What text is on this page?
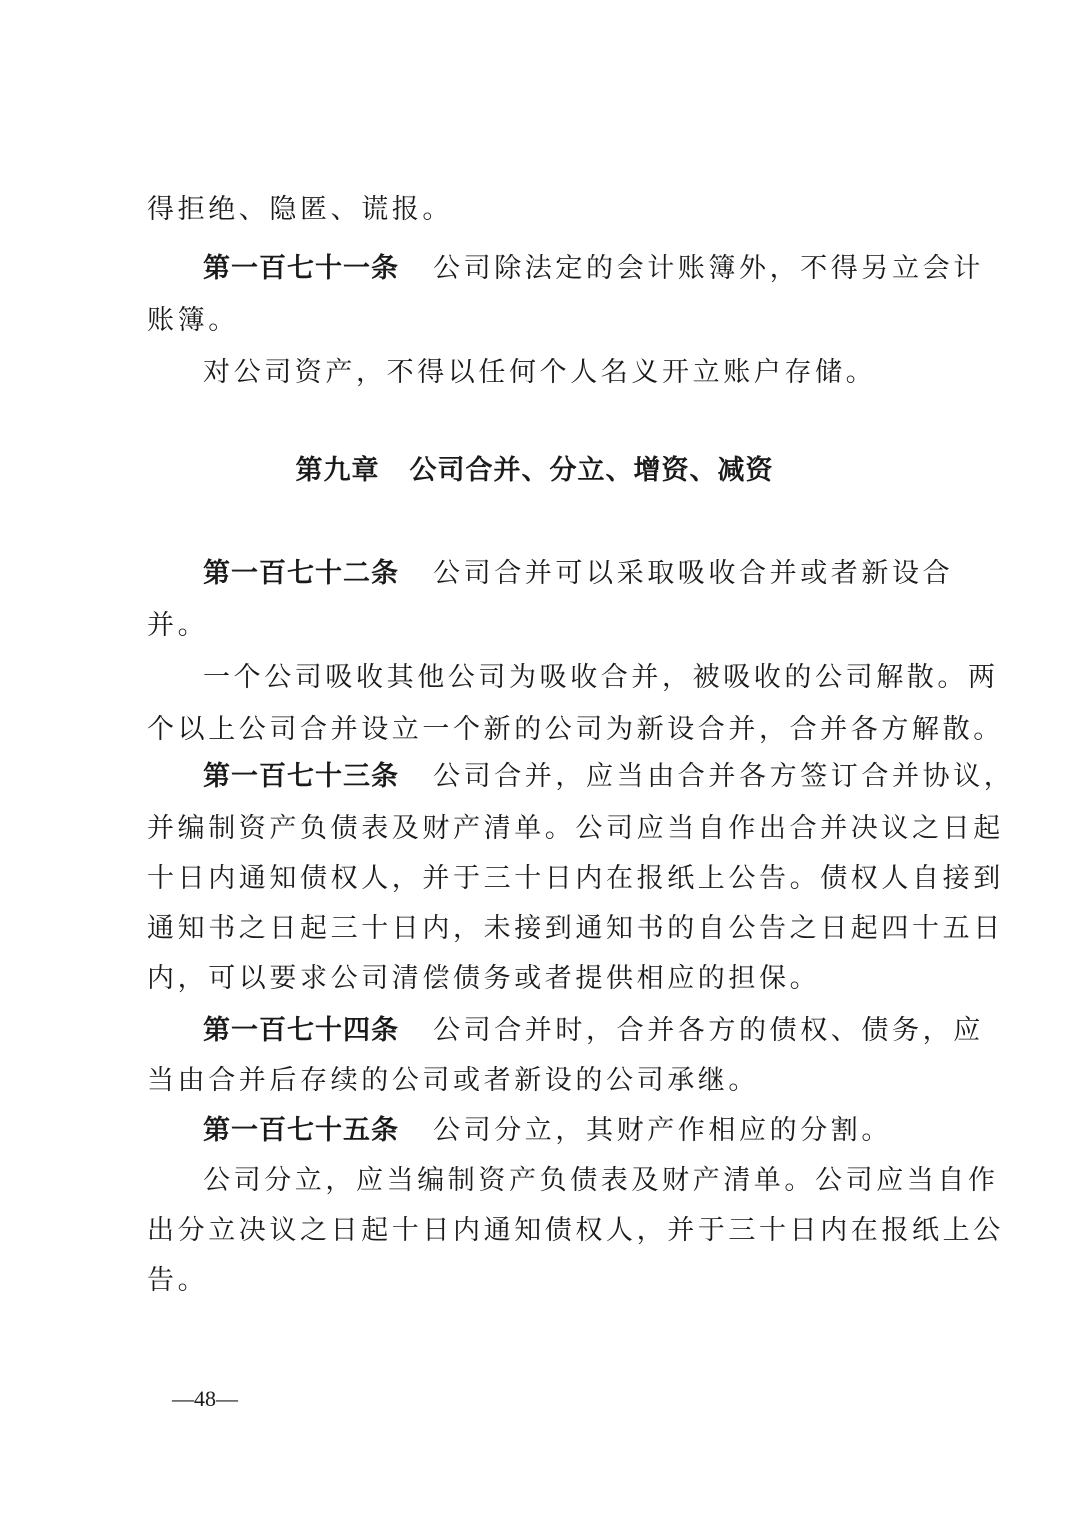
得拒绝、隐匿、谎报。
第一百七十一条 公司除法定的会计账簿外，不得另立会计
账簿。
对公司资产，不得以任何个人名义开立账户存储。
第九章 公司合并、分立、增资、减资
第一百七十二条 公司合并可以采取吸收合并或者新设合
并。
一个公司吸收其他公司为吸收合并，被吸收的公司解散。两
个以上公司合并设立一个新的公司为新设合并，合并各方解散。
第一百七十三条 公司合并，应当由合并各方签订合并协议，
并编制资产负债表及财产清单。公司应当自作出合并决议之日起
十日内通知债权人，并于三十日内在报纸上公告。债权人自接到
通知书之日起三十日内，未接到通知书的自公告之日起四十五日
内，可以要求公司清偿债务或者提供相应的担保。
第一百七十四条 公司合并时，合并各方的债权、债务，应
当由合并后存续的公司或者新设的公司承继。
第一百七十五条 公司分立，其财产作相应的分割。
公司分立，应当编制资产负债表及财产清单。公司应当自作
出分立决议之日起十日内通知债权人，并于三十日内在报纸上公
告。
—48—
